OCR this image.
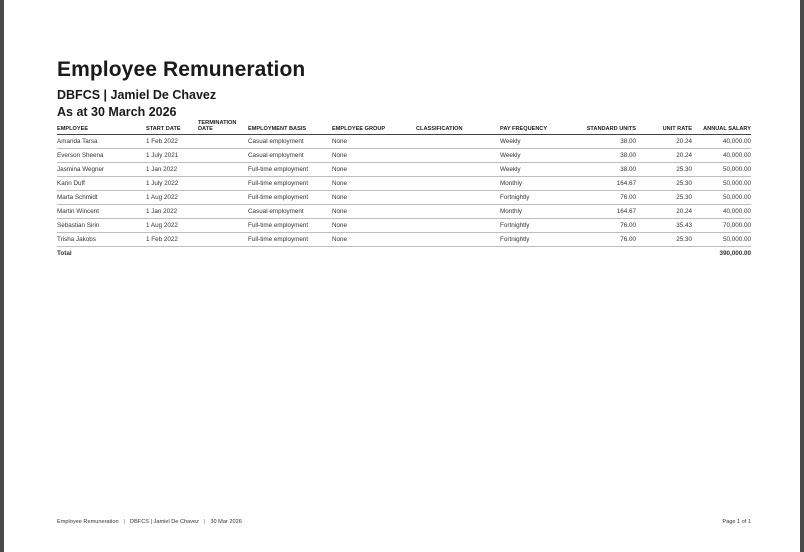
Employee Remuneration
DBFCS | Jamiel De Chavez
As at 30 March 2026
EMPLOYEE	START DATE	TERMINATION DATE	EMPLOYMENT BASIS	EMPLOYEE GROUP	CLASSIFICATION	PAY FREQUENCY	STANDARD UNITS	UNIT RATE	ANNUAL SALARY
Amanda Tarsa	1 Feb 2022		Casual employment	None		Weekly	38.00	20.24	40,000.00
Everson Sheena	1 July 2021		Casual employment	None		Weekly	38.00	20.24	40,000.00
Jasmina Wegner	1 Jan 2022		Full-time employment	None		Weekly	38.00	25.30	50,000.00
Karin Duff	1 July 2022		Full-time employment	None		Monthly	164.67	25.30	50,000.00
Marta Schmidt	1 Aug 2022		Full-time employment	None		Fortnightly	76.00	25.30	50,000.00
Martin Wincent	1 Jan 2022		Casual employment	None		Monthly	164.67	20.24	40,000.00
Sebastian Sirin	1 Aug 2022		Full-time employment	None		Fortnightly	76.00	35.43	70,000.00
Trisha Jakobs	1 Feb 2022		Full-time employment	None		Fortnightly	76.00	25.30	50,000.00
Total									390,000.00
Employee Remuneration | DBFCS | Jamiel De Chavez | 30 Mar 2026	Page 1 of 1
